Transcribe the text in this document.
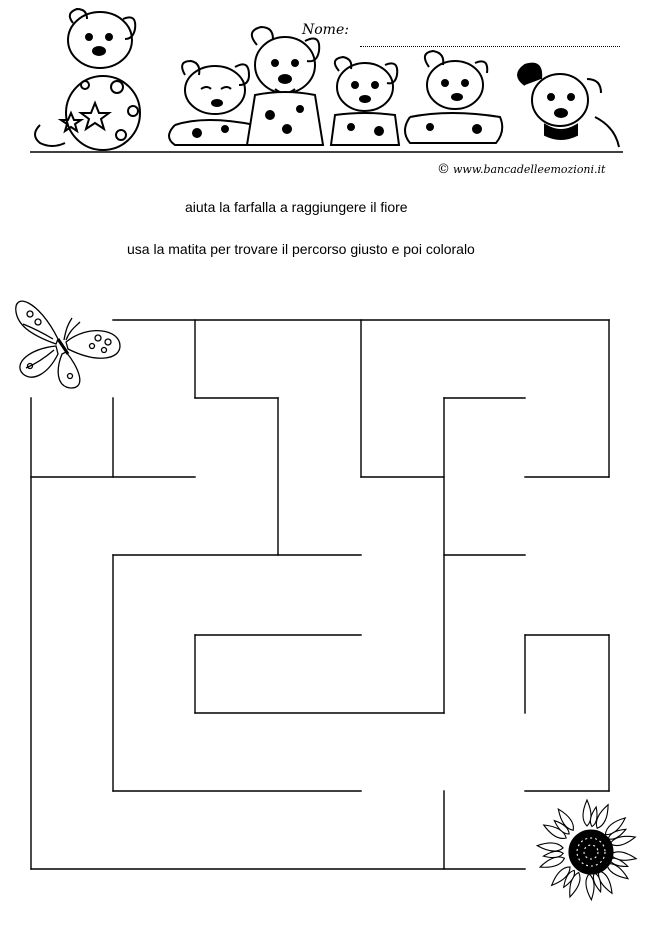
Nome:
© www.bancadelleemozioni.it
aiuta la farfalla a raggiungere il fiore
usa la matita per trovare il percorso giusto e poi coloralo
